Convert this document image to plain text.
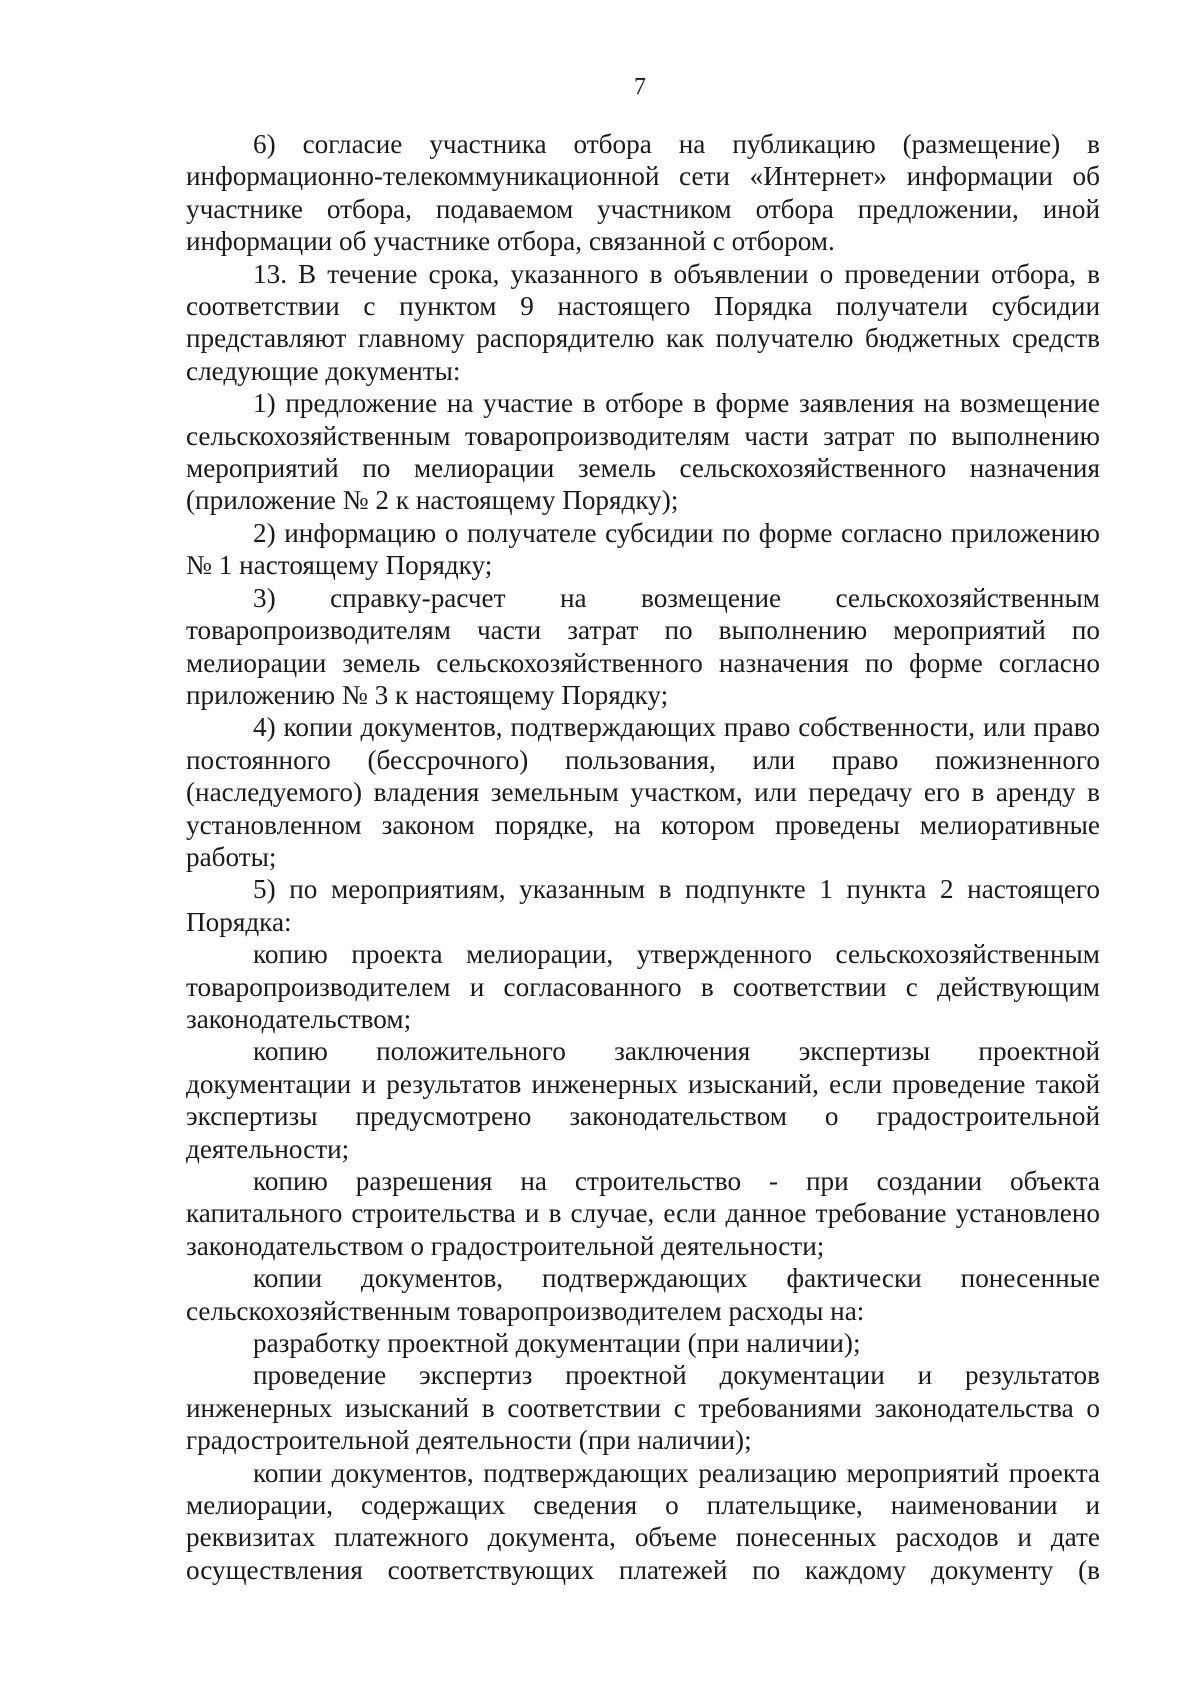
7

6) согласие участника отбора на публикацию (размещение) в информационно-телекоммуникационной сети «Интернет» информации об участнике отбора, подаваемом участником отбора предложении, иной информации об участнике отбора, связанной с отбором.

13. В течение срока, указанного в объявлении о проведении отбора, в соответствии с пунктом 9 настоящего Порядка получатели субсидии представляют главному распорядителю как получателю бюджетных средств следующие документы:

1) предложение на участие в отборе в форме заявления на возмещение сельскохозяйственным товаропроизводителям части затрат по выполнению мероприятий по мелиорации земель сельскохозяйственного назначения (приложение № 2 к настоящему Порядку);

2) информацию о получателе субсидии по форме согласно приложению № 1 настоящему Порядку;

3) справку-расчет на возмещение сельскохозяйственным товаропроизводителям части затрат по выполнению мероприятий по мелиорации земель сельскохозяйственного назначения по форме согласно приложению № 3 к настоящему Порядку;

4) копии документов, подтверждающих право собственности, или право постоянного (бессрочного) пользования, или право пожизненного (наследуемого) владения земельным участком, или передачу его в аренду в установленном законом порядке, на котором проведены мелиоративные работы;

5) по мероприятиям, указанным в подпункте 1 пункта 2 настоящего Порядка:

копию проекта мелиорации, утвержденного сельскохозяйственным товаропроизводителем и согласованного в соответствии с действующим законодательством;

копию положительного заключения экспертизы проектной документации и результатов инженерных изысканий, если проведение такой экспертизы предусмотрено законодательством о градостроительной деятельности;

копию разрешения на строительство - при создании объекта капитального строительства и в случае, если данное требование установлено законодательством о градостроительной деятельности;

копии документов, подтверждающих фактически понесенные сельскохозяйственным товаропроизводителем расходы на:

разработку проектной документации (при наличии);

проведение экспертиз проектной документации и результатов инженерных изысканий в соответствии с требованиями законодательства о градостроительной деятельности (при наличии);

копии документов, подтверждающих реализацию мероприятий проекта мелиорации, содержащих сведения о плательщике, наименовании и реквизитах платежного документа, объеме понесенных расходов и дате осуществления соответствующих платежей по каждому документу (в
